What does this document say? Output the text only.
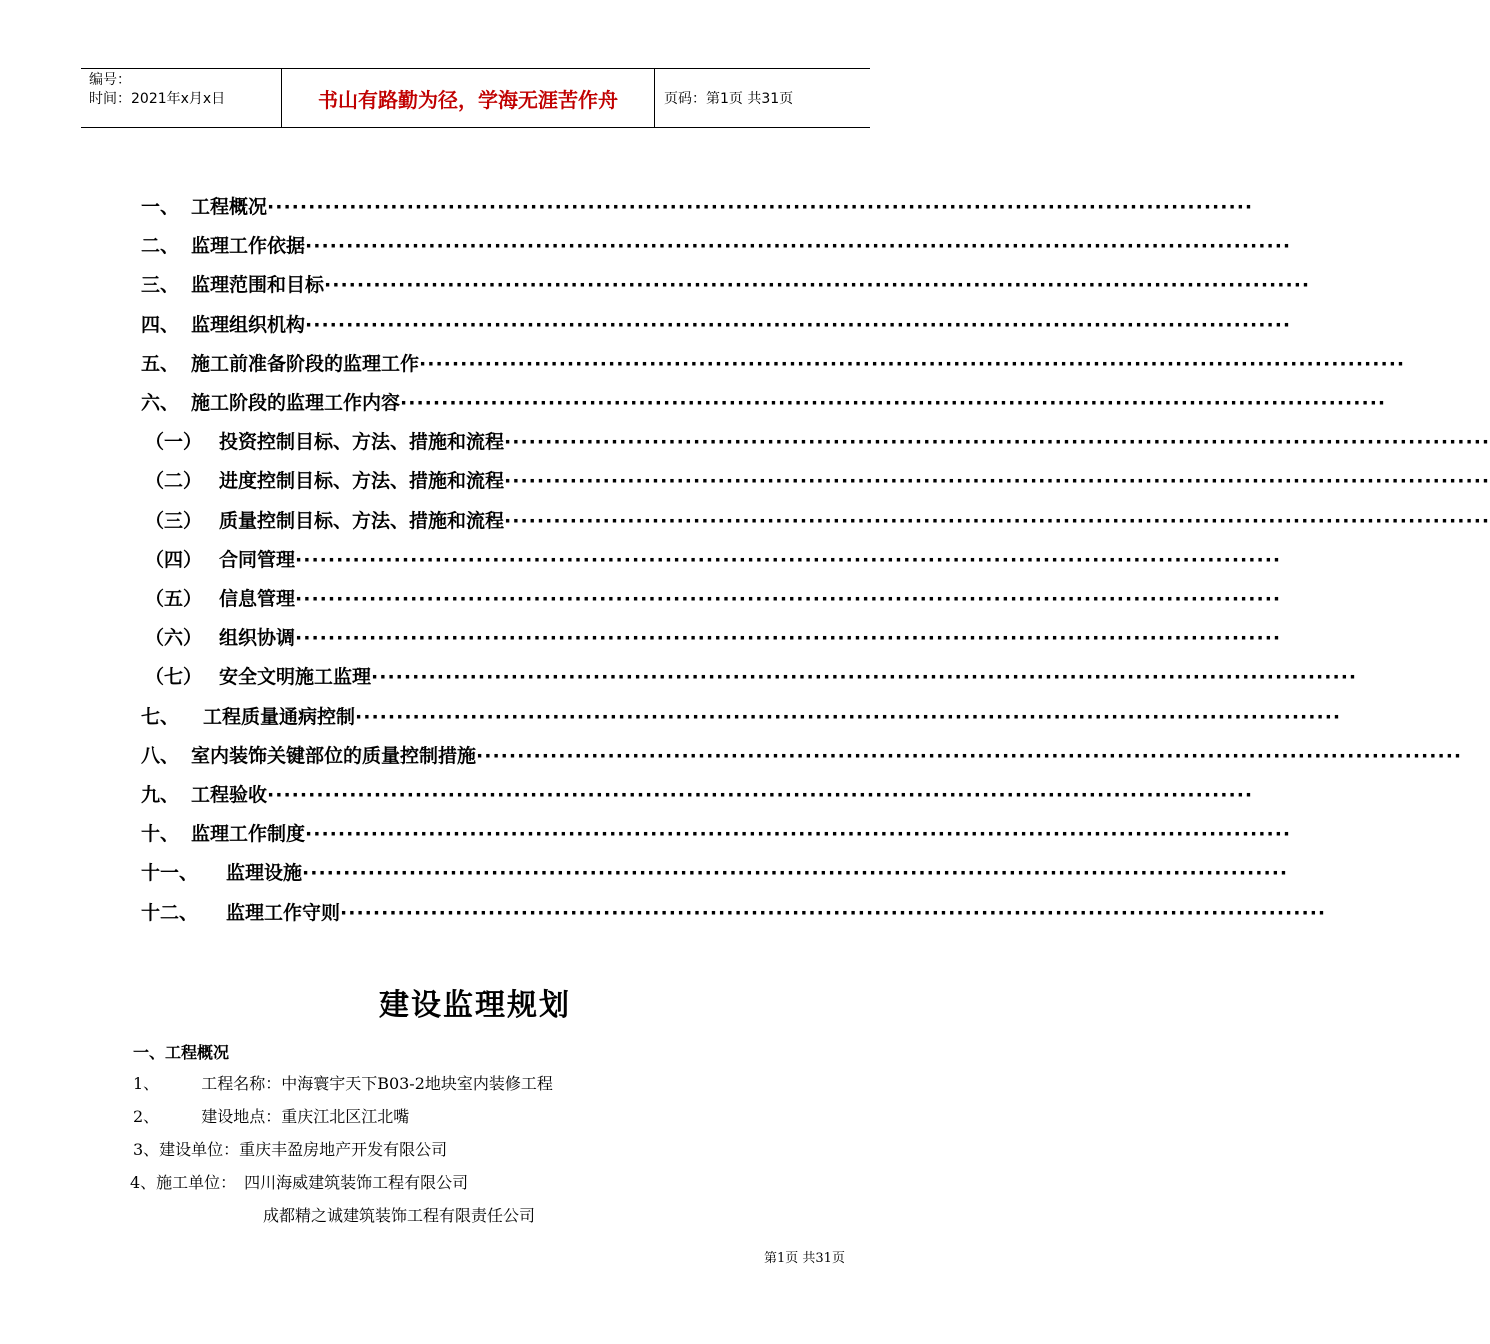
编号：
时间：2021年x月x日	书山有路勤为径，学海无涯苦作舟	页码：第1页 共31页
一、 工程概况························································································································
二、 监理工作依据························································································································
三、 监理范围和目标························································································································
四、 监理组织机构························································································································
五、 施工前准备阶段的监理工作························································································································
六、 施工阶段的监理工作内容························································································································
（一） 投资控制目标、方法、措施和流程························································································································
（二） 进度控制目标、方法、措施和流程························································································································
（三） 质量控制目标、方法、措施和流程························································································································
（四） 合同管理························································································································
（五） 信息管理························································································································
（六） 组织协调························································································································
（七） 安全文明施工监理························································································································
七、 工程质量通病控制························································································································
八、 室内装饰关键部位的质量控制措施························································································································
九、 工程验收························································································································
十、 监理工作制度························································································································
十一、 监理设施························································································································
十二、 监理工作守则························································································································
建设监理规划
一、工程概况
1、	工程名称：中海寰宇天下B03-2地块室内装修工程
2、	建设地点：重庆江北区江北嘴
3、建设单位：重庆丰盈房地产开发有限公司
4、施工单位：　四川海威建筑装饰工程有限公司
成都精之诚建筑装饰工程有限责任公司
第1页 共31页
